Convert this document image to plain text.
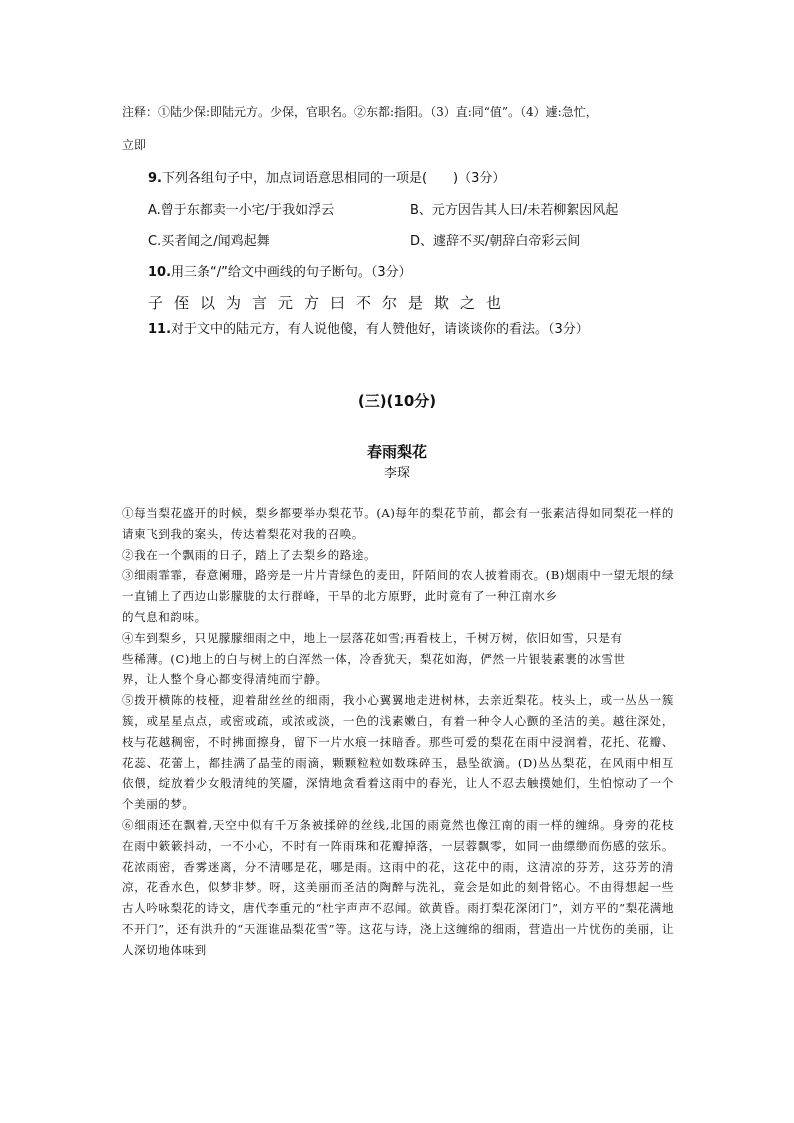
注释：①陆少保:即陆元方。少保，官职名。②东都:指阳。（3）直:同“值”。（4）遽:急忙，
立即
9.下列各组句子中，加点词语意思相同的一项是(　　)（3分）
A.曾于东都卖一小宅/于我如浮云	B、元方因告其人曰/未若柳絮因风起
C.买者闻之/闻鸡起舞	D、遽辞不买/朝辞白帝彩云间
10.用三条“/”给文中画线的句子断句。（3分）
子侄以为言元方曰不尔是欺之也
11.对于文中的陆元方，有人说他傻，有人赞他好，请谈谈你的看法。（3分）
(三)(10分)
春雨梨花
李琛

①每当梨花盛开的时候，梨乡都要举办梨花节。(A)每年的梨花节前，都会有一张素洁得如同梨花一样的请柬飞到我的案头，传达着梨花对我的召唤。

②我在一个飘雨的日子，踏上了去梨乡的路途。

③细雨霏霏，春意阑珊，路旁是一片片青绿色的麦田，阡陌间的农人披着雨衣。(B)烟雨中一望无垠的绿一直铺上了西边山影朦胧的太行群峰，干旱的北方原野，此时竟有了一种江南水乡

的气息和韵味。

④车到梨乡，只见朦朦细雨之中，地上一层落花如雪;再看枝上，千树万树，依旧如雪，只是有

些稀薄。(C)地上的白与树上的白浑然一体，冷香犹天，梨花如海，俨然一片银装素裹的冰雪世

界，让人整个身心都变得清纯而宁静。

⑤拨开横陈的枝桠，迎着甜丝丝的细雨，我小心翼翼地走进树林，去亲近梨花。枝头上，或一丛丛一簇簇，或星星点点，或密或疏，或浓或淡，一色的浅素嫩白，有着一种令人心颤的圣洁的美。越往深处，枝与花越稠密，不时拂面擦身，留下一片水痕一抹暗香。那些可爱的梨花在雨中浸润着，花托、花瓣、花蕊、花蕾上，都挂满了晶莹的雨滴，颗颗粒粒如数珠碎玉，悬坠欲滴。(D)丛丛梨花，在风雨中相互依偎，绽放着少女般清纯的笑靥，深情地贪看着这雨中的春光，让人不忍去触摸她们，生怕惊动了一个个美丽的梦。

⑥细雨还在飘着,天空中似有千万条被揉碎的丝线,北国的雨竟然也像江南的雨一样的缠绵。身旁的花枝在雨中簌簌抖动，一不小心，不时有一阵雨珠和花瓣掉落，一层蓉飘零，如同一曲缥缈而伤感的弦乐。花浓雨密，香雾迷离，分不清哪是花，哪是雨。这雨中的花，这花中的雨，这清凉的芬芳，这芬芳的清凉，花香水色，似梦非梦。呀，这美丽而圣洁的陶醉与洗礼，竟会是如此的刻骨铭心。不由得想起一些古人吟咏梨花的诗文，唐代李重元的“杜宇声声不忍闻。欲黄昏。雨打梨花深闭门”，刘方平的“梨花满地不开门”，还有洪升的“天涯谁品梨花雪”等。这花与诗，浇上这缠绵的细雨，营造出一片忧伤的美丽，让人深切地体味到
